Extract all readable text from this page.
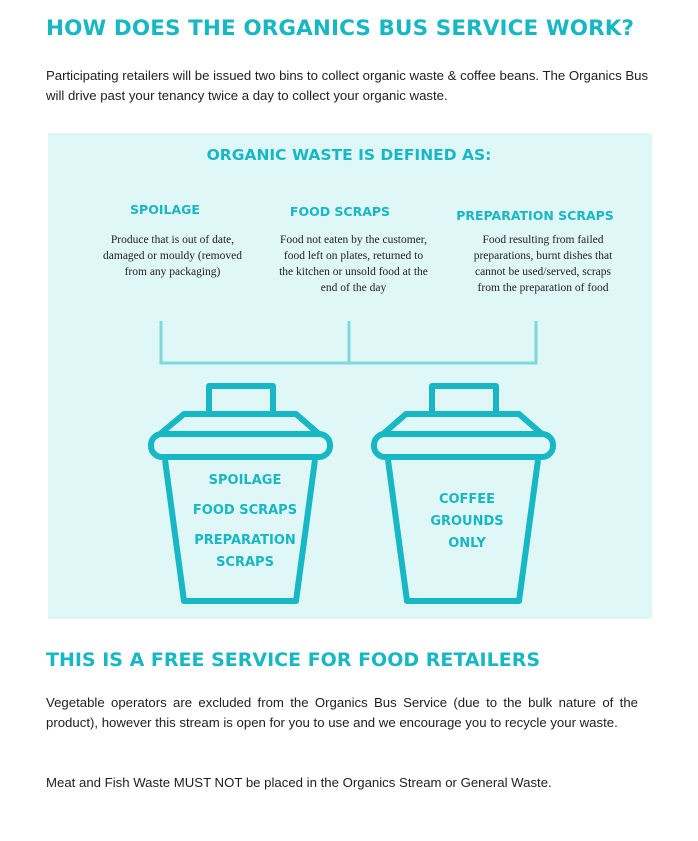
HOW DOES THE ORGANICS BUS SERVICE WORK?

Participating retailers will be issued two bins to collect organic waste & coffee beans. The Organics Bus will drive past your tenancy twice a day to collect your organic waste.

ORGANIC WASTE IS DEFINED AS:
SPOILAGE

Produce that is out of date, damaged or mouldy (removed from any packaging)

FOOD SCRAPS

Food not eaten by the customer, food left on plates, returned to the kitchen or unsold food at the end of the day

PREPARATION SCRAPS

Food resulting from failed preparations, burnt dishes that cannot be used/served, scraps from the preparation of food

SPOILAGE
FOOD SCRAPS
PREPARATION
SCRAPS
COFFEE
GROUNDS
ONLY
THIS IS A FREE SERVICE FOR FOOD RETAILERS

Vegetable operators are excluded from the Organics Bus Service (due to the bulk nature of the product), however this stream is open for you to use and we encourage you to recycle your waste.

Meat and Fish Waste MUST NOT be placed in the Organics Stream or General Waste.
